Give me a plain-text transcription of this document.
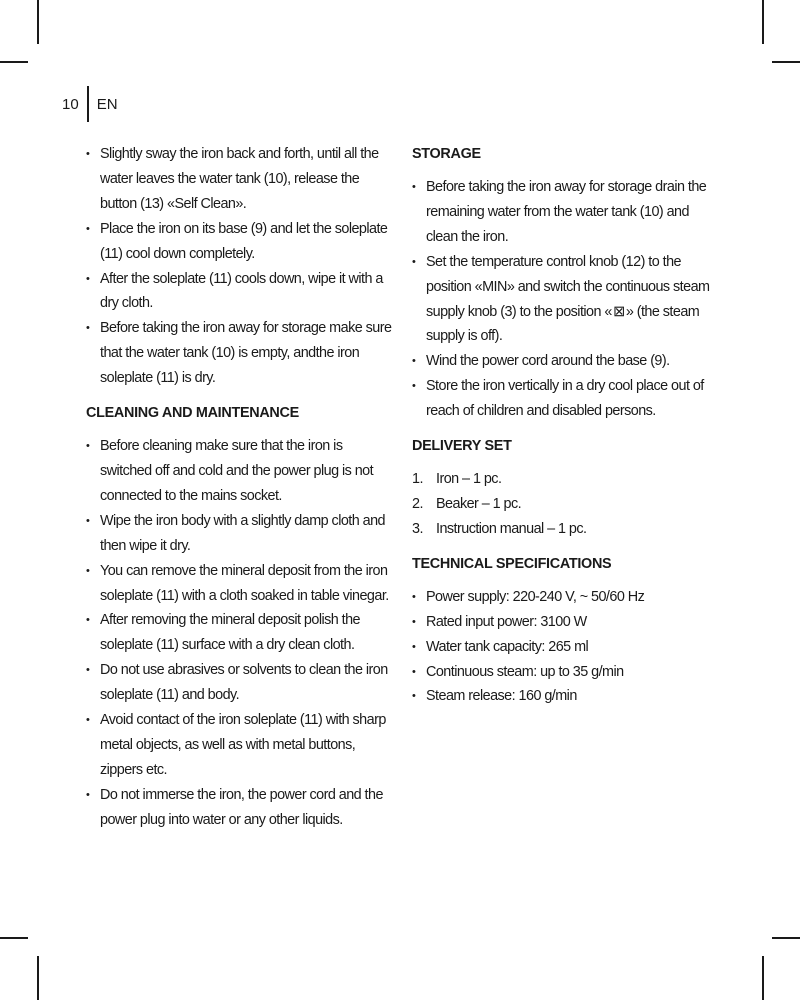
10 EN
• Slightly sway the iron back and forth, until all the water leaves the water tank (10), release the button (13) «Self Clean».
• Place the iron on its base (9) and let the soleplate (11) cool down completely.
• After the soleplate (11) cools down, wipe it with a dry cloth.
• Before taking the iron away for storage make sure that the water tank (10) is empty, andthe iron soleplate (11) is dry.
CLEANING AND MAINTENANCE
• Before cleaning make sure that the iron is switched off and cold and the power plug is not connected to the mains socket.
• Wipe the iron body with a slightly damp cloth and then wipe it dry.
• You can remove the mineral deposit from the iron soleplate (11) with a cloth soaked in table vinegar.
• After removing the mineral deposit polish the soleplate (11) surface with a dry clean cloth.
• Do not use abrasives or solvents to clean the iron soleplate (11) and body.
• Avoid contact of the iron soleplate (11) with sharp metal objects, as well as with metal buttons, zippers etc.
• Do not immerse the iron, the power cord and the power plug into water or any other liquids.
STORAGE
• Before taking the iron away for storage drain the remaining water from the water tank (10) and clean the iron.
• Set the temperature control knob (12) to the position «MIN» and switch the continuous steam supply knob (3) to the position «⊠» (the steam supply is off).
• Wind the power cord around the base (9).
• Store the iron vertically in a dry cool place out of reach of children and disabled persons.
DELIVERY SET
1. Iron – 1 pc.
2. Beaker – 1 pc.
3. Instruction manual – 1 pc.
TECHNICAL SPECIFICATIONS
• Power supply: 220-240 V, ~ 50/60 Hz
• Rated input power: 3100 W
• Water tank capacity: 265 ml
• Continuous steam: up to 35 g/min
• Steam release: 160 g/min
